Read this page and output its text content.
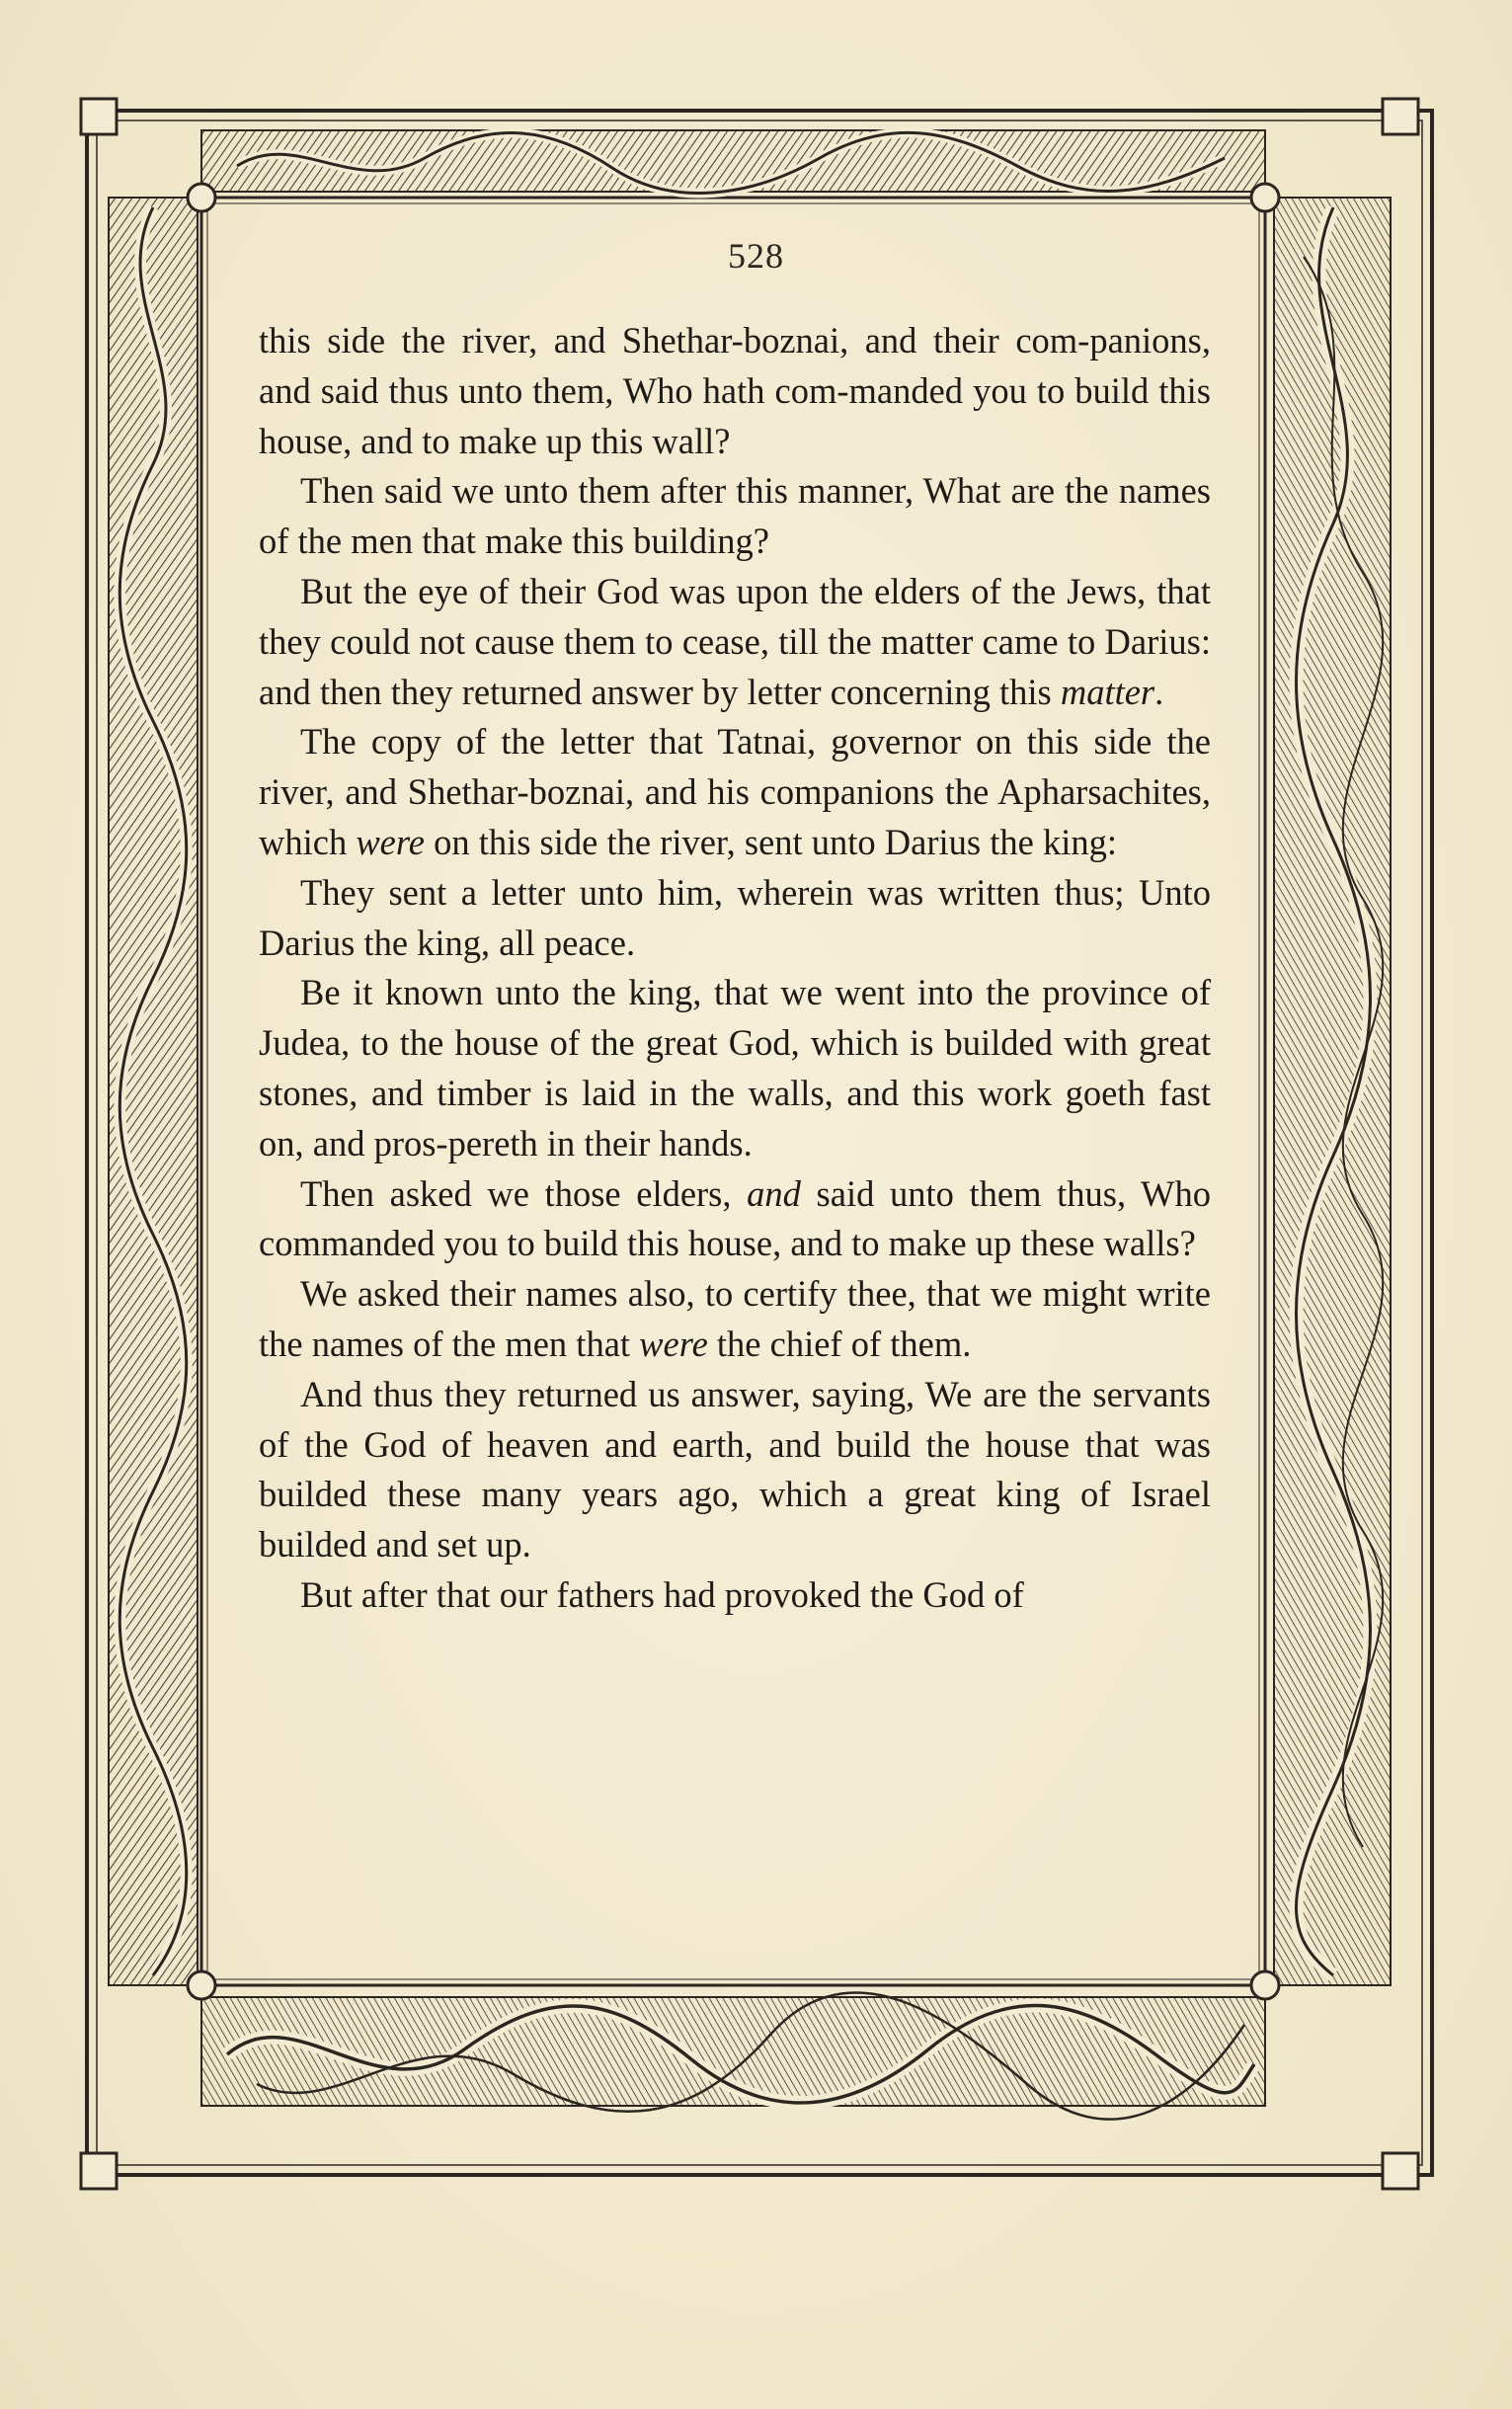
528

this side the river, and Shethar-boznai, and their com-panions, and said thus unto them, Who hath com-manded you to build this house, and to make up this wall?

Then said we unto them after this manner, What are the names of the men that make this building?

But the eye of their God was upon the elders of the Jews, that they could not cause them to cease, till the matter came to Darius: and then they returned answer by letter concerning this matter.

The copy of the letter that Tatnai, governor on this side the river, and Shethar-boznai, and his companions the Apharsachites, which were on this side the river, sent unto Darius the king:

They sent a letter unto him, wherein was written thus; Unto Darius the king, all peace.

Be it known unto the king, that we went into the province of Judea, to the house of the great God, which is builded with great stones, and timber is laid in the walls, and this work goeth fast on, and pros-pereth in their hands.

Then asked we those elders, and said unto them thus, Who commanded you to build this house, and to make up these walls?

We asked their names also, to certify thee, that we might write the names of the men that were the chief of them.

And thus they returned us answer, saying, We are the servants of the God of heaven and earth, and build the house that was builded these many years ago, which a great king of Israel builded and set up.

But after that our fathers had provoked the God of
